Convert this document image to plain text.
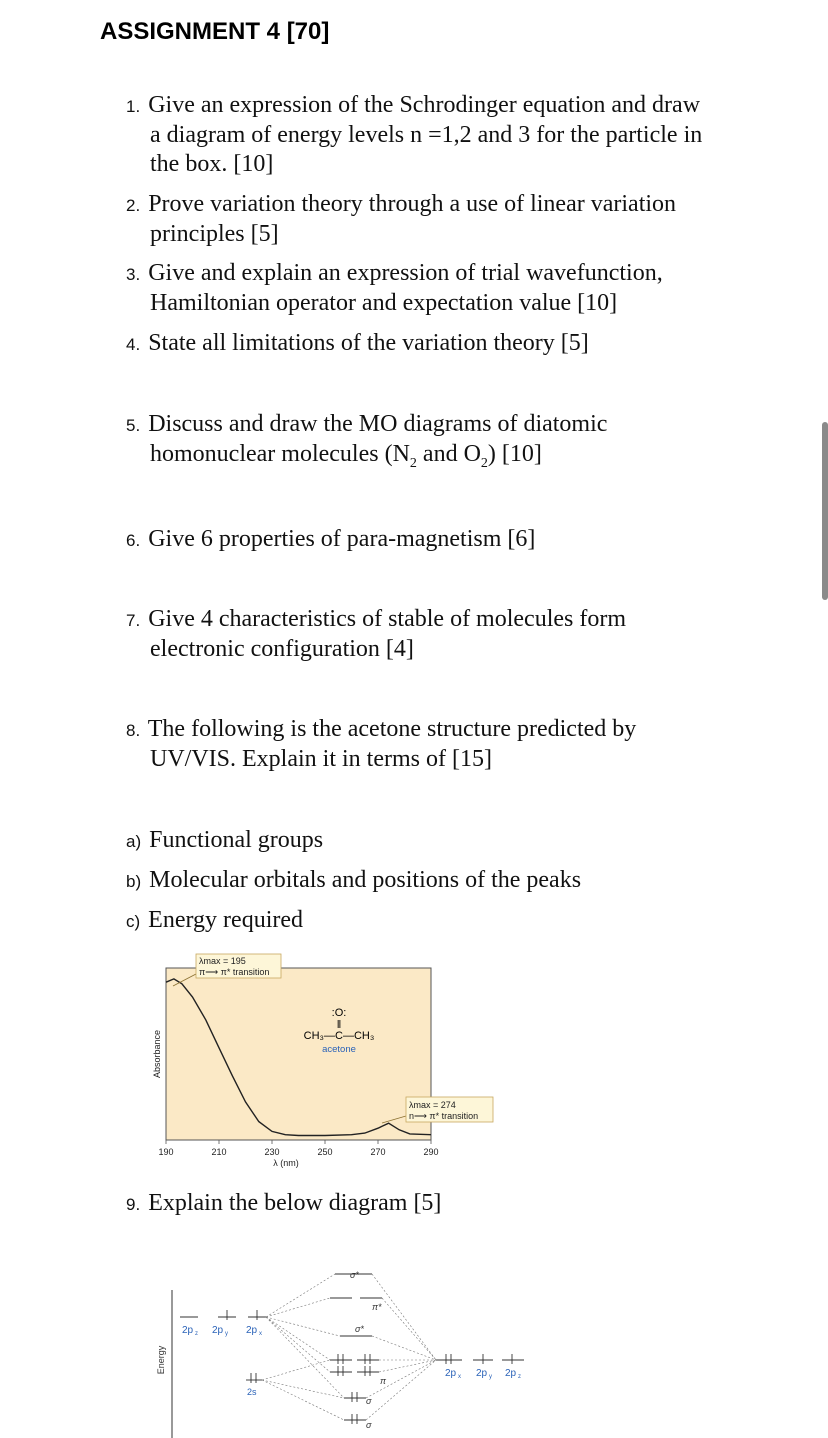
ASSIGNMENT 4 [70]
1. Give an expression of the Schrodinger equation and draw
a diagram of energy levels n =1,2 and 3 for the particle in
the box. [10]
2. Prove variation theory through a use of linear variation
principles [5]
3. Give and explain an expression of trial wavefunction,
Hamiltonian operator and expectation value [10]
4. State all limitations of the variation theory [5]
5. Discuss and draw the MO diagrams of diatomic
homonuclear molecules ($N_2$ and $O_2$) [10]
6. Give 6 properties of para-magnetism [6]
7. Give 4 characteristics of stable of molecules form
electronic configuration [4]
8. The following is the acetone structure predicted by
UV/VIS. Explain it in terms of [15]
a) Functional groups
b) Molecular orbitals and positions of the peaks
c) Energy required
190	210	230	250	270	290
Absorbance
λ (nm)
λmax = 195
π⟶ π* transition
λmax = 274
n⟶ π* transition
:O:
‖
CH₃—C—CH₃
acetone
9. Explain the below diagram [5]
Energy
2p z 2p y 2p x
2s
σ*
π*
σ*
π
σ
σ
2p x 2p y 2p z
